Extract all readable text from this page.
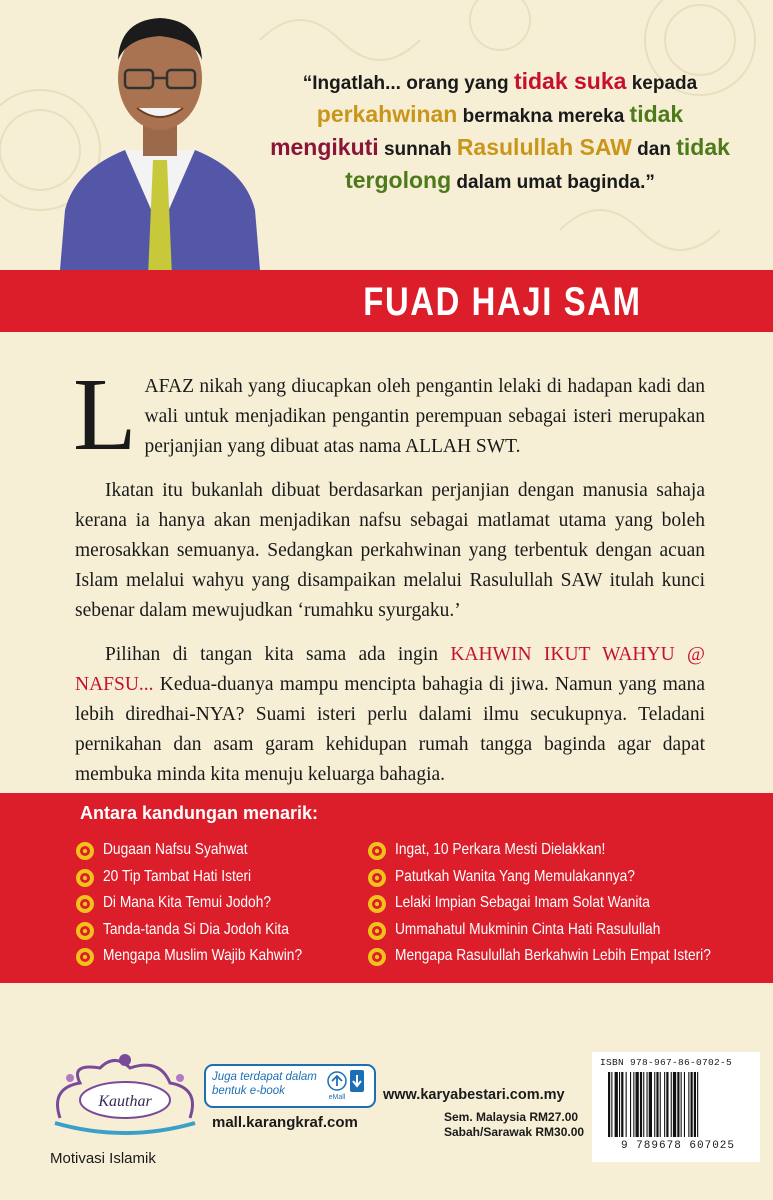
“Ingatlah... orang yang tidak suka kepada
perkahwinan bermakna mereka tidak
mengikuti sunnah Rasulullah SAW dan tidak
tergolong dalam umat baginda.”
FUAD HAJI SAM

LAFAZ nikah yang diucapkan oleh pengantin lelaki di hadapan kadi dan wali untuk menjadikan pengantin perempuan sebagai isteri merupakan perjanjian yang dibuat atas nama ALLAH SWT.

Ikatan itu bukanlah dibuat berdasarkan perjanjian dengan manusia sahaja kerana ia hanya akan menjadikan nafsu sebagai matlamat utama yang boleh merosakkan semuanya. Sedangkan perkahwinan yang terbentuk dengan acuan Islam melalui wahyu yang disampaikan melalui Rasulullah SAW itulah kunci sebenar dalam mewujudkan ‘rumahku syurgaku.’

Pilihan di tangan kita sama ada ingin KAHWIN IKUT WAHYU @ NAFSU... Kedua-duanya mampu mencipta bahagia di jiwa. Namun yang mana lebih diredhai-NYA? Suami isteri perlu dalami ilmu secukupnya. Teladani pernikahan dan asam garam kehidupan rumah tangga baginda agar dapat membuka minda kita menuju keluarga bahagia.

Antara kandungan menarik:
Dugaan Nafsu Syahwat
20 Tip Tambat Hati Isteri
Di Mana Kita Temui Jodoh?
Tanda-tanda Si Dia Jodoh Kita
Mengapa Muslim Wajib Kahwin?
Ingat, 10 Perkara Mesti Dielakkan!
Patutkah Wanita Yang Memulakannya?
Lelaki Impian Sebagai Imam Solat Wanita
Ummahatul Mukminin Cinta Hati Rasulullah
Mengapa Rasulullah Berkahwin Lebih Empat Isteri?
Kauthar
Motivasi Islamik
Juga terdapat dalam bentuk e-book
eMall
mall.karangkraf.com
www.karyabestari.com.my
Sem. Malaysia RM27.00
Sabah/Sarawak RM30.00
ISBN 978-967-86-0702-5
9 789678 607025
